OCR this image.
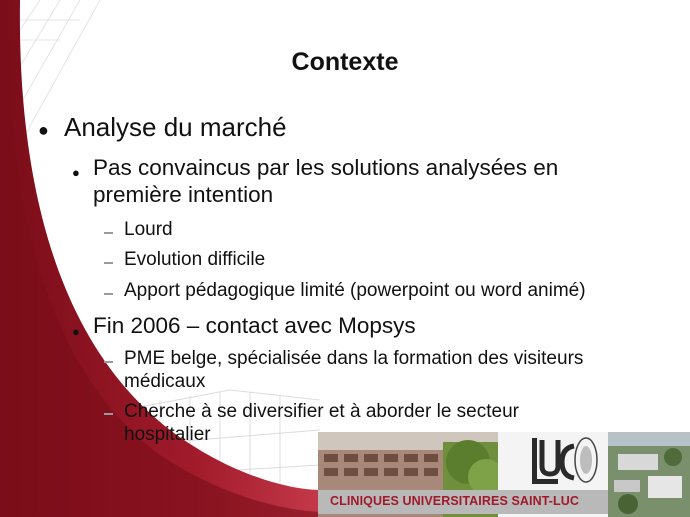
Contexte
● Analyse du marché
● Pas convaincus par les solutions analysées en
première intention
Lourd
Evolution difficile
Apport pédagogique limité (powerpoint ou word animé)
● Fin 2006 – contact avec Mopsys
PME belge, spécialisée dans la formation des visiteurs
médicaux
Cherche à se diversifier et à aborder le secteur
hospitalier
CLINIQUES UNIVERSITAIRES SAINT-LUC
